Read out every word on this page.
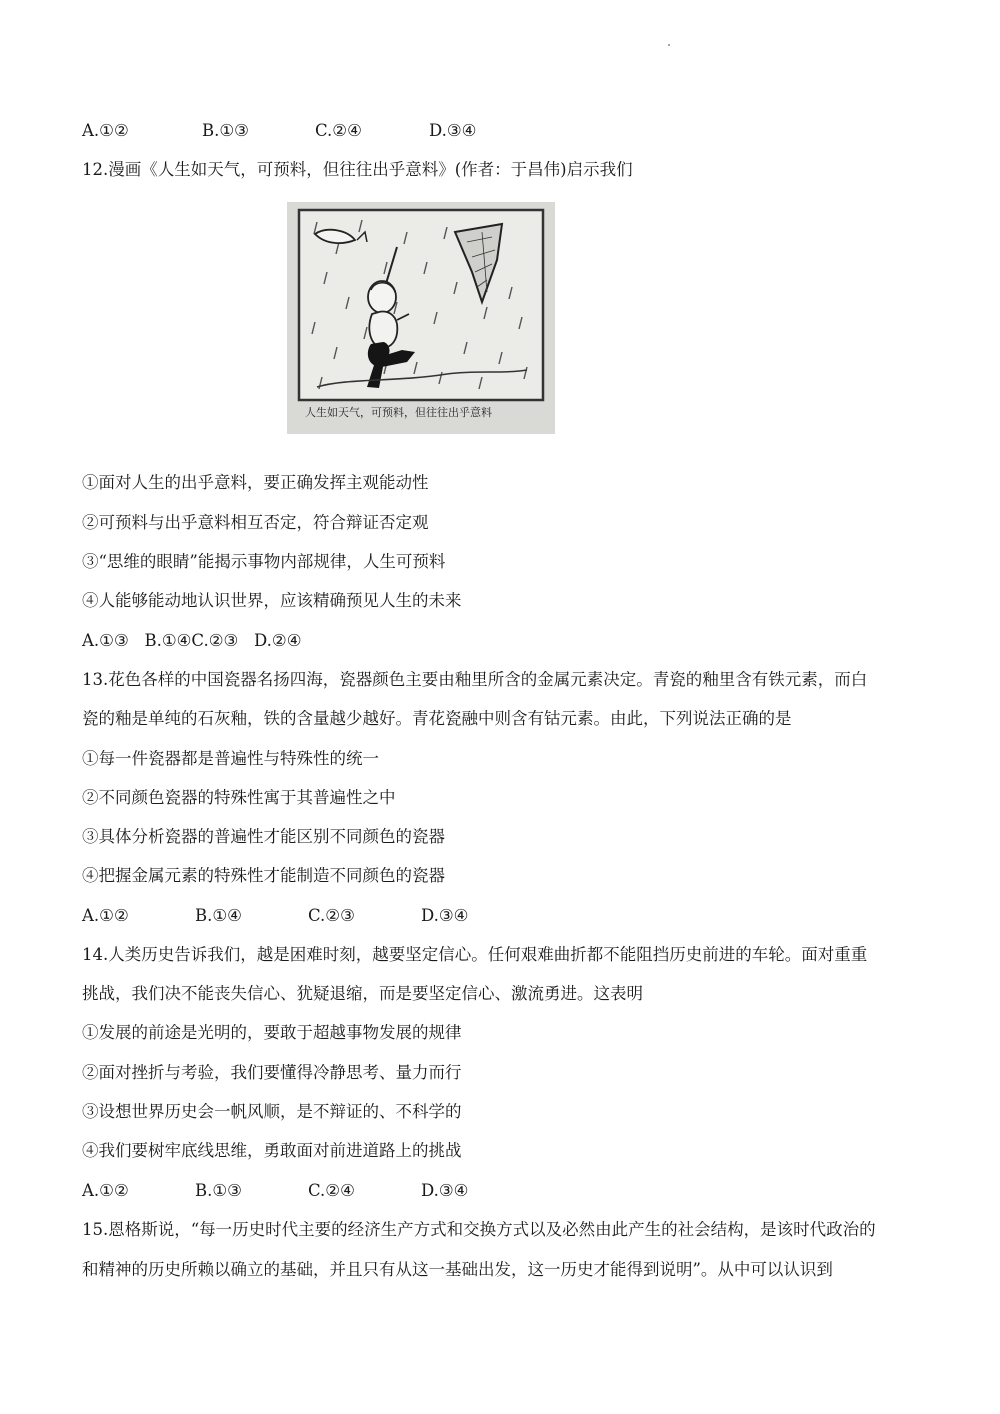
A.①②	B.①③	C.②④	D.③④
12.漫画《人生如天气，可预料，但往往出乎意料》(作者：于昌伟)启示我们
人生如天气，可预料，但往往出乎意料
①面对人生的出乎意料，要正确发挥主观能动性
②可预料与出乎意料相互否定，符合辩证否定观
③“思维的眼睛”能揭示事物内部规律，人生可预料
④人能够能动地认识世界，应该精确预见人生的未来
A.①③   B.①④C.②③   D.②④
13.花色各样的中国瓷器名扬四海，瓷器颜色主要由釉里所含的金属元素决定。青瓷的釉里含有铁元素，而白
瓷的釉是单纯的石灰釉，铁的含量越少越好。青花瓷融中则含有钴元素。由此，下列说法正确的是
①每一件瓷器都是普遍性与特殊性的统一
②不同颜色瓷器的特殊性寓于其普遍性之中
③具体分析瓷器的普遍性才能区别不同颜色的瓷器
④把握金属元素的特殊性才能制造不同颜色的瓷器
A.①②	B.①④	C.②③	D.③④
14.人类历史告诉我们，越是困难时刻，越要坚定信心。任何艰难曲折都不能阻挡历史前进的车轮。面对重重
挑战，我们决不能丧失信心、犹疑退缩，而是要坚定信心、激流勇进。这表明
①发展的前途是光明的，要敢于超越事物发展的规律
②面对挫折与考验，我们要懂得冷静思考、量力而行
③设想世界历史会一帆风顺，是不辩证的、不科学的
④我们要树牢底线思维，勇敢面对前进道路上的挑战
A.①②	B.①③	C.②④	D.③④
15.恩格斯说，“每一历史时代主要的经济生产方式和交换方式以及必然由此产生的社会结构，是该时代政治的
和精神的历史所赖以确立的基础，并且只有从这一基础出发，这一历史才能得到说明”。从中可以认识到
